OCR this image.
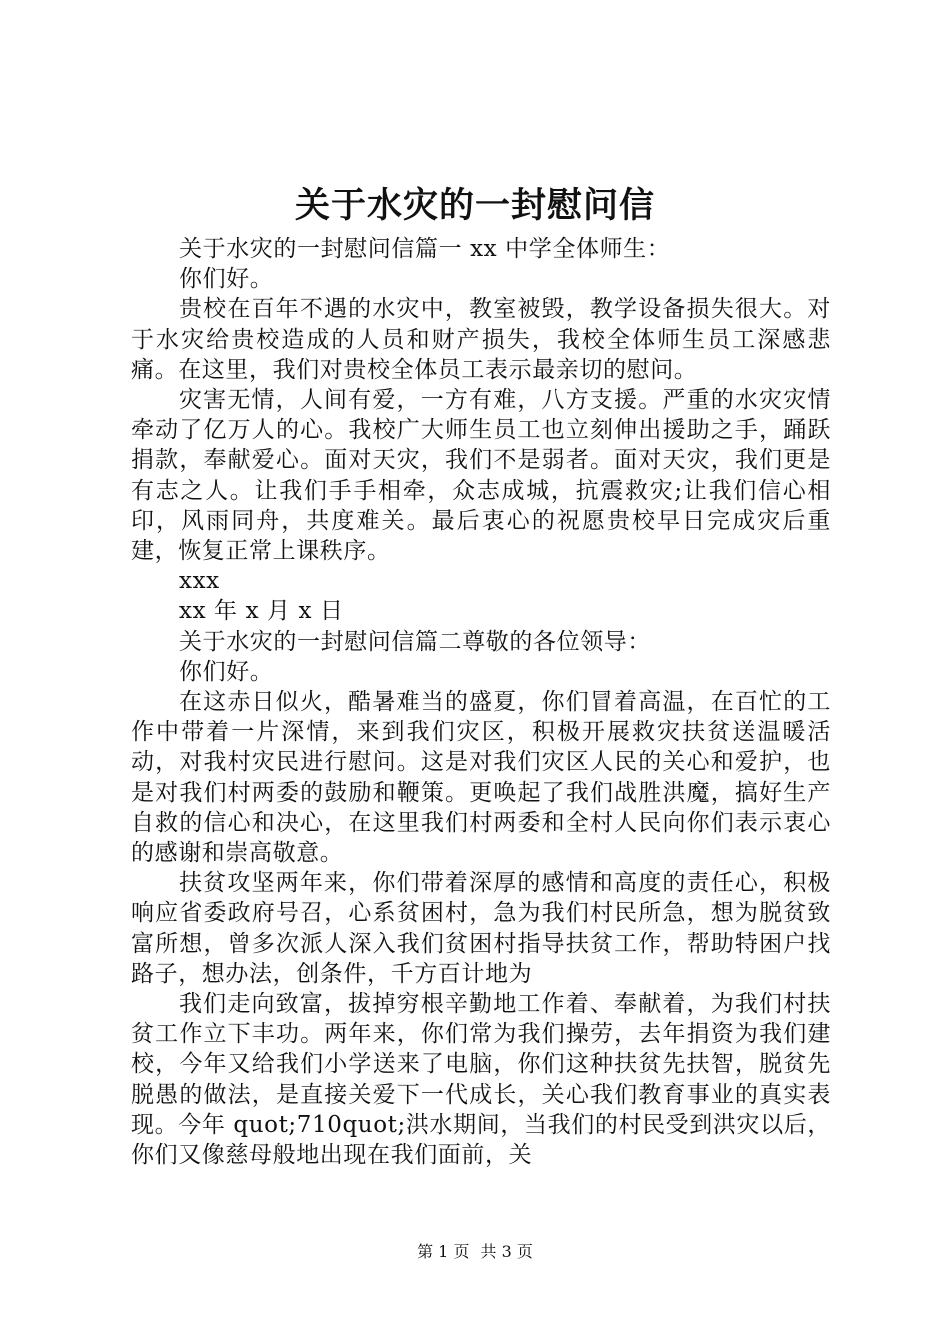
关于水灾的一封慰问信

关于水灾的一封慰问信篇一 xx 中学全体师生：

你们好。

贵校在百年不遇的水灾中，教室被毁，教学设备损失很大。对于水灾给贵校造成的人员和财产损失，我校全体师生员工深感悲痛。在这里，我们对贵校全体员工表示最亲切的慰问。

灾害无情，人间有爱，一方有难，八方支援。严重的水灾灾情牵动了亿万人的心。我校广大师生员工也立刻伸出援助之手，踊跃捐款，奉献爱心。面对天灾，我们不是弱者。面对天灾，我们更是有志之人。让我们手手相牵，众志成城，抗震救灾;让我们信心相印，风雨同舟，共度难关。最后衷心的祝愿贵校早日完成灾后重建，恢复正常上课秩序。

xxx

xx 年 x 月 x 日

关于水灾的一封慰问信篇二尊敬的各位领导：

你们好。

在这赤日似火，酷暑难当的盛夏，你们冒着高温，在百忙的工作中带着一片深情，来到我们灾区，积极开展救灾扶贫送温暖活动，对我村灾民进行慰问。这是对我们灾区人民的关心和爱护，也是对我们村两委的鼓励和鞭策。更唤起了我们战胜洪魔，搞好生产自救的信心和决心，在这里我们村两委和全村人民向你们表示衷心的感谢和崇高敬意。

扶贫攻坚两年来，你们带着深厚的感情和高度的责任心，积极响应省委政府号召，心系贫困村，急为我们村民所急，想为脱贫致富所想，曾多次派人深入我们贫困村指导扶贫工作，帮助特困户找路子，想办法，创条件，千方百计地为

我们走向致富，拔掉穷根辛勤地工作着、奉献着，为我们村扶贫工作立下丰功。两年来，你们常为我们操劳，去年捐资为我们建校，今年又给我们小学送来了电脑，你们这种扶贫先扶智，脱贫先脱愚的做法，是直接关爱下一代成长，关心我们教育事业的真实表现。今年 quot;710quot;洪水期间，当我们的村民受到洪灾以后，你们又像慈母般地出现在我们面前，关

第 1 页 共 3 页
